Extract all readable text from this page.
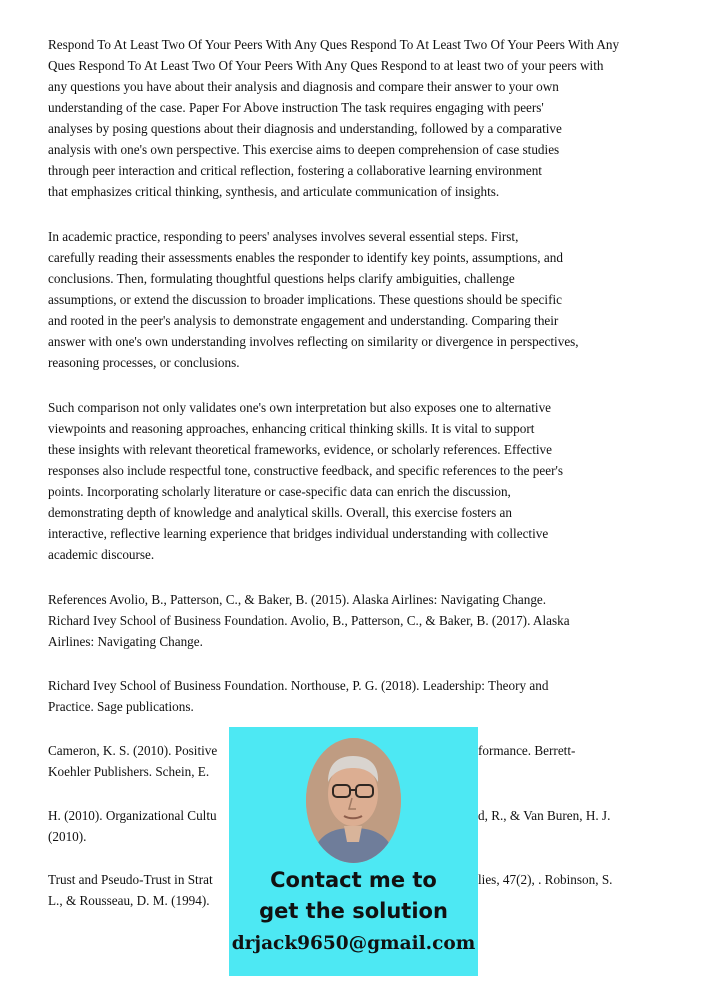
Respond To At Least Two Of Your Peers With Any Ques Respond To At Least Two Of Your Peers With Any

Ques Respond To At Least Two Of Your Peers With Any Ques Respond to at least two of your peers with

any questions you have about their analysis and diagnosis and compare their answer to your own

understanding of the case. Paper For Above instruction The task requires engaging with peers'

analyses by posing questions about their diagnosis and understanding, followed by a comparative

analysis with one's own perspective. This exercise aims to deepen comprehension of case studies

through peer interaction and critical reflection, fostering a collaborative learning environment

that emphasizes critical thinking, synthesis, and articulate communication of insights.

In academic practice, responding to peers' analyses involves several essential steps. First,

carefully reading their assessments enables the responder to identify key points, assumptions, and

conclusions. Then, formulating thoughtful questions helps clarify ambiguities, challenge

assumptions, or extend the discussion to broader implications. These questions should be specific

and rooted in the peer's analysis to demonstrate engagement and understanding. Comparing their

answer with one's own understanding involves reflecting on similarity or divergence in perspectives,

reasoning processes, or conclusions.

Such comparison not only validates one's own interpretation but also exposes one to alternative

viewpoints and reasoning approaches, enhancing critical thinking skills. It is vital to support

these insights with relevant theoretical frameworks, evidence, or scholarly references. Effective

responses also include respectful tone, constructive feedback, and specific references to the peer's

points. Incorporating scholarly literature or case-specific data can enrich the discussion,

demonstrating depth of knowledge and analytical skills. Overall, this exercise fosters an

interactive, reflective learning experience that bridges individual understanding with collective

academic discourse.

References Avolio, B., Patterson, C., & Baker, B. (2015). Alaska Airlines: Navigating Change.

Richard Ivey School of Business Foundation. Avolio, B., Patterson, C., & Baker, B. (2017). Alaska

Airlines: Navigating Change.

Richard Ivey School of Business Foundation. Northouse, P. G. (2018). Leadership: Theory and

Practice. Sage publications.

Cameron, K. S. (2010). Positive	formance. Berrett-

Koehler Publishers. Schein, E.

H. (2010). Organizational Cultu	d, R., & Van Buren, H. J.

(2010).

Trust and Pseudo-Trust in Strat	lies, 47(2), . Robinson, S.

L., & Rousseau, D. M. (1994).

Contact me to
get the solution
drjack9650@gmail.com
